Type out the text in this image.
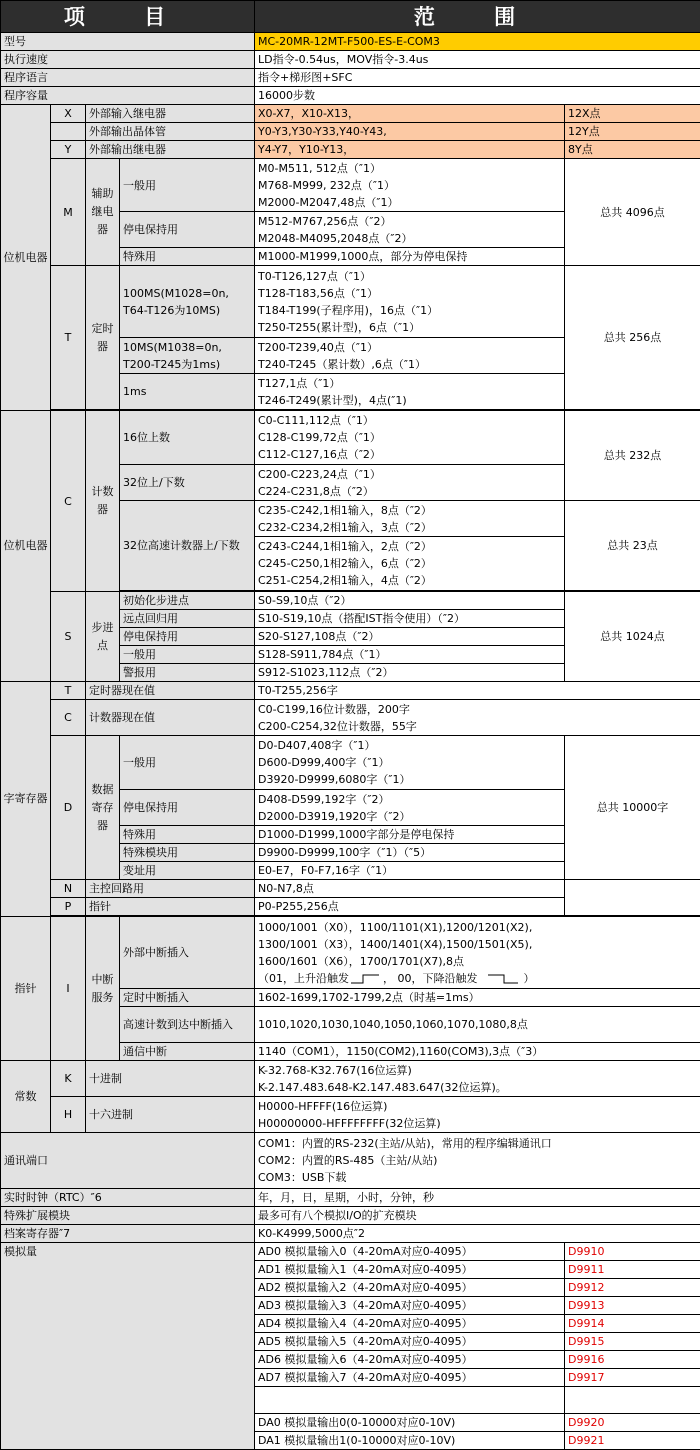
项 目				范 围	
型号				MC-20MR-12MT-F500-ES-E-COM3	
执行速度				LD指令-0.54us，MOV指令-3.4us	
程序语言				指令+梯形图+SFC	
程序容量				16000步数	
位机电器	X	外部输入继电器		X0-X7，X10-X13，	12X点
		外部输出晶体管		Y0-Y3,Y30-Y33,Y40-Y43,	12Y点
	Y	外部输出继电器		Y4-Y7，Y10-Y13，	8Y点
	M	辅助继电器	一般用	M0-M511, 512点（″1）
M768-M999, 232点（″1）
M2000-M2047,48点（″1）	总共 4096点
			停电保持用	M512-M767,256点（″2）
M2048-M4095,2048点（″2）	

			特殊用	M1000-M1999,1000点，部分为停电保持	
	T	定时器	100MS(M1028=0n, T64-T126为10MS)	T0-T126,127点（″1）
T128-T183,56点（″1）
T184-T199(子程序用)，16点（″1）
T250-T255(累计型)，6点（″1）	总共 256点
			10MS(M1038=0n, T200-T245为1ms)	T200-T239,40点（″1）
T240-T245（累计数）,6点（″1）	

			1ms	T127,1点（″1）
T246-T249(累计型)，4点(″1)	

位机电器	C	计数器	16位上数	C0-C111,112点（″1）
C128-C199,72点（″1）
C112-C127,16点（″2）	总共 232点
			32位上/下数	C200-C223,24点（″1）
C224-C231,8点（″2）	

			32位高速计数器上/下数	C235-C242,1相1输入，8点（″2）
C232-C234,2相1输入，3点（″2）	总共 23点

				C243-C244,1相1输入，2点（″2）
C245-C250,1相2输入，6点（″2）
C251-C254,2相1输入，4点（″2）	

	S	步进点	初始化步进点	S0-S9,10点（″2）	总共 1024点
			远点回归用	S10-S19,10点（搭配IST指令使用）（″2）	
			停电保持用	S20-S127,108点（″2）	
			一般用	S128-S911,784点（″1）	
			警报用	S912-S1023,112点（″2）	
字寄存器	T	定时器现在值		T0-T255,256字	
	C	计数器现在值		C0-C199,16位计数器，200字
C200-C254,32位计数器，55字	

	D	数据寄存器	一般用	D0-D407,408字（″1）
D600-D999,400字（″1）
D3920-D9999,6080字（″1）	总共 10000字
			停电保持用	D408-D599,192字（″2）
D2000-D3919,1920字（″2）	

			特殊用	D1000-D1999,1000字部分是停电保持	
			特殊模块用	D9900-D9999,100字（″1）（″5）	
			变址用	E0-E7，F0-F7,16字（″1）	
	N	主控回路用		N0-N7,8点	
	P	指针		P0-P255,256点	

指针	I	中断服务	外部中断插入	1000/1001（X0），1100/1101(X1),1200/1201(X2),
1300/1001（X3），1400/1401(X4),1500/1501(X5),
1600/1601（X6），1700/1701(X7),8点
（01，上升沿触发 ， 00，下降沿触发 ）	

			定时中断插入	1602-1699,1702-1799,2点（时基=1ms）	
			高速计数到达中断插入	1010,1020,1030,1040,1050,1060,1070,1080,8点	
			通信中断	1140（COM1），1150(COM2),1160(COM3),3点（″3）	
常数	K	十进制		K-32.768-K32.767(16位运算)
K-2.147.483.648-K2.147.483.647(32位运算)。	

	H	十六进制		H0000-HFFFF(16位运算)
H00000000-HFFFFFFFF(32位运算)	

通讯端口				COM1：内置的RS-232(主站/从站)，常用的程序编辑通讯口
COM2：内置的RS-485（主站/从站)
COM3：USB下载	

实时时钟（RTC）″6				年，月，日，星期，小时，分钟，秒	
特殊扩展模块				最多可有八个模拟I/O的扩充模块	
档案寄存器″7				K0-K4999,5000点″2	
模拟量				AD0 模拟量输入0（4-20mA对应0-4095）	D9910
				AD1 模拟量输入1（4-20mA对应0-4095）	D9911
				AD2 模拟量输入2（4-20mA对应0-4095）	D9912
				AD3 模拟量输入3（4-20mA对应0-4095）	D9913
				AD4 模拟量输入4（4-20mA对应0-4095）	D9914
				AD5 模拟量输入5（4-20mA对应0-4095）	D9915
				AD6 模拟量输入6（4-20mA对应0-4095）	D9916
				AD7 模拟量输入7（4-20mA对应0-4095）	D9917

				DA0 模拟量输出0(0-10000对应0-10V)	D9920
				DA1 模拟量输出1(0-10000对应0-10V)	D9921
